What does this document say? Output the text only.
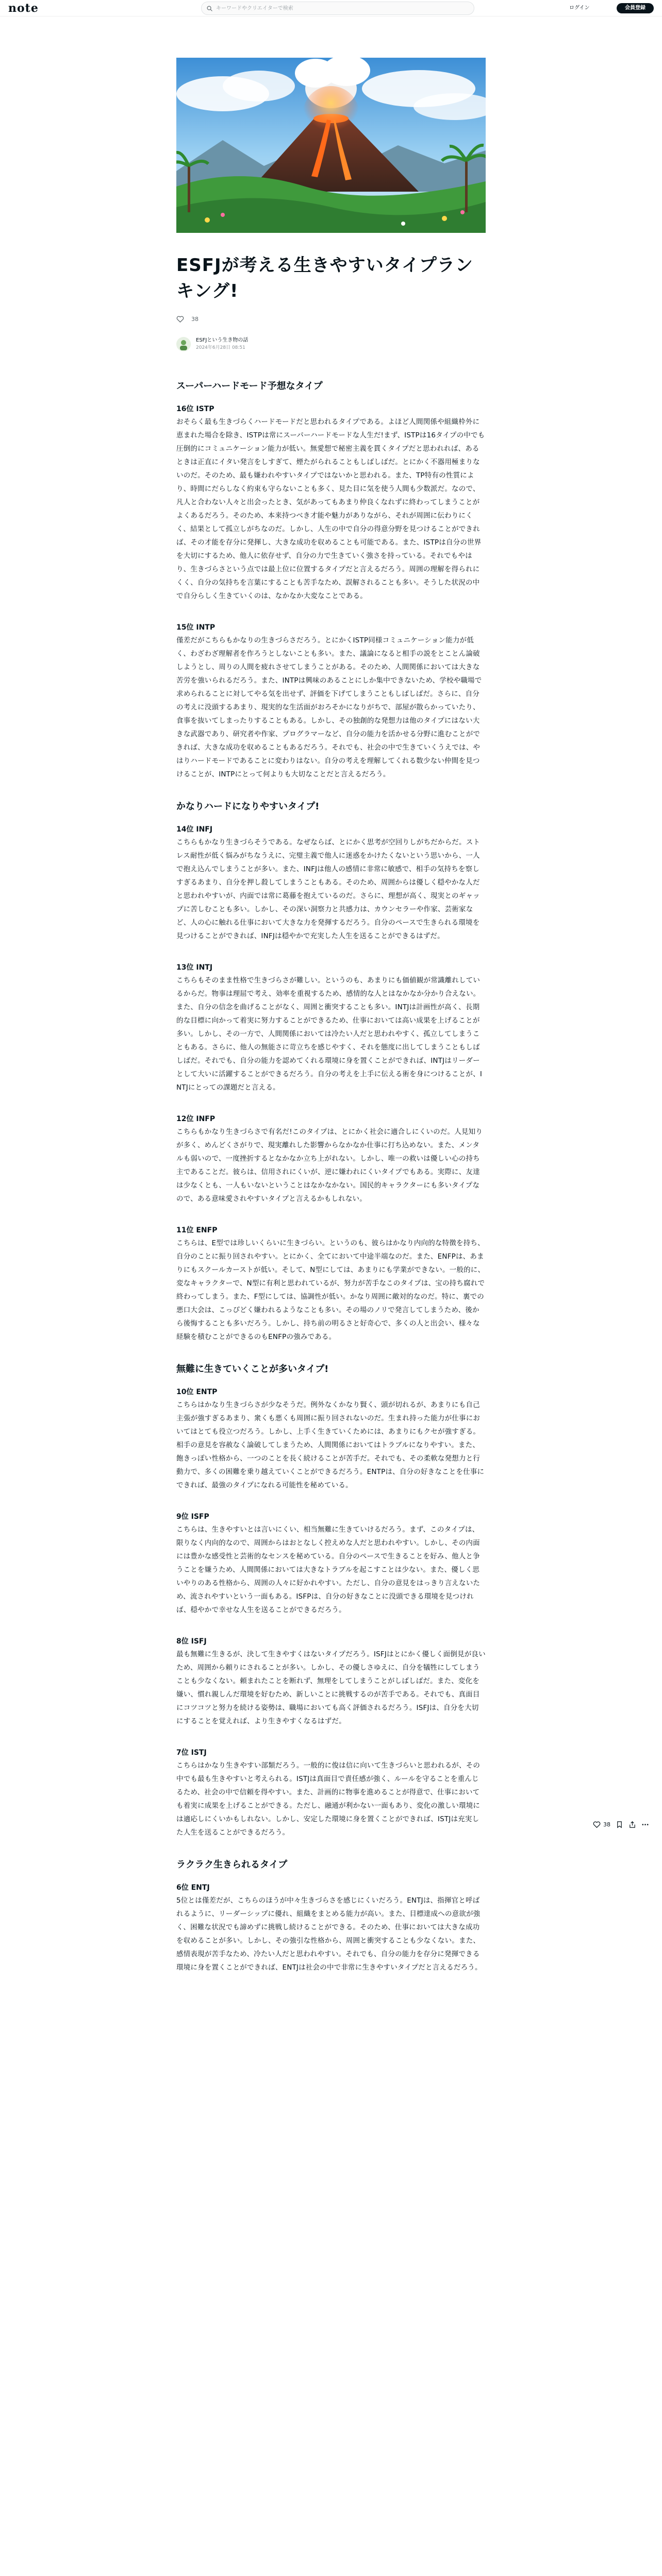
note
キーワードやクリエイターで検索	ログイン	会員登録
ESFJが考える生きやすいタイプランキング!
38
ESFJという生き物の話
2024年6月28日 08:51
スーパーハードモード予想なタイプ
16位 ISTP

おそらく最も生きづらくハードモードだと思われるタイプである。よほど人間関係や組織枠外に恵まれた場合を除き、ISTPは常にスーパーハードモードな人生だ!まず、ISTPは16タイプの中でも圧倒的にコミュニケーション能力が低い。無愛想で秘密主義を貫くタイプだと思われれば、あるときは正直にイタい発言をしすぎて、煙たがられることもしばしばだ。とにかく不器用極まりないのだ。そのため、最も嫌われやすいタイプではないかと思われる。また、TP特有の性質により、時間にだらしなく約束も守らないことも多く、見た目に気を使う人間も少数派だ。なので、凡人と合わない人々と出会ったとき、気があってもあまり仲良くなれずに終わってしまうことがよくあるだろう。そのため、本来持つべき才能や魅力がありながら、それが周囲に伝わりにくく、結果として孤立しがちなのだ。しかし、人生の中で自分の得意分野を見つけることができれば、その才能を存分に発揮し、大きな成功を収めることも可能である。また、ISTPは自分の世界を大切にするため、他人に依存せず、自分の力で生きていく強さを持っている。それでもやはり、生きづらさという点では最上位に位置するタイプだと言えるだろう。周囲の理解を得られにくく、自分の気持ちを言葉にすることも苦手なため、誤解されることも多い。そうした状況の中で自分らしく生きていくのは、なかなか大変なことである。

15位 INTP

僅差だがこちらもかなりの生きづらさだろう。とにかくISTP同様コミュニケーション能力が低く、わざわざ理解者を作ろうとしないことも多い。また、議論になると相手の説をとことん論破しようとし、周りの人間を疲れさせてしまうことがある。そのため、人間関係においては大きな苦労を強いられるだろう。また、INTPは興味のあることにしか集中できないため、学校や職場で求められることに対してやる気を出せず、評価を下げてしまうこともしばしばだ。さらに、自分の考えに没頭するあまり、現実的な生活面がおろそかになりがちで、部屋が散らかっていたり、食事を抜いてしまったりすることもある。しかし、その独創的な発想力は他のタイプにはない大きな武器であり、研究者や作家、プログラマーなど、自分の能力を活かせる分野に進むことができれば、大きな成功を収めることもあるだろう。それでも、社会の中で生きていくうえでは、やはりハードモードであることに変わりはない。自分の考えを理解してくれる数少ない仲間を見つけることが、INTPにとって何よりも大切なことだと言えるだろう。

かなりハードになりやすいタイプ!
14位 INFJ

こちらもかなり生きづらそうである。なぜならば、とにかく思考が空回りしがちだからだ。ストレス耐性が低く悩みがちなうえに、完璧主義で他人に迷惑をかけたくないという思いから、一人で抱え込んでしまうことが多い。また、INFJは他人の感情に非常に敏感で、相手の気持ちを察しすぎるあまり、自分を押し殺してしまうこともある。そのため、周囲からは優しく穏やかな人だと思われやすいが、内面では常に葛藤を抱えているのだ。さらに、理想が高く、現実とのギャップに苦しむことも多い。しかし、その深い洞察力と共感力は、カウンセラーや作家、芸術家など、人の心に触れる仕事において大きな力を発揮するだろう。自分のペースで生きられる環境を見つけることができれば、INFJは穏やかで充実した人生を送ることができるはずだ。

13位 INTJ

こちらもそのまま性格で生きづらさが難しい。というのも、あまりにも価値観が常識離れしているからだ。物事は理屈で考え、効率を重視するため、感情的な人とはなかなか分かり合えない。また、自分の信念を曲げることがなく、周囲と衝突することも多い。INTJは計画性が高く、長期的な目標に向かって着実に努力することができるため、仕事においては高い成果を上げることが多い。しかし、その一方で、人間関係においては冷たい人だと思われやすく、孤立してしまうこともある。さらに、他人の無能さに苛立ちを感じやすく、それを態度に出してしまうこともしばしばだ。それでも、自分の能力を認めてくれる環境に身を置くことができれば、INTJはリーダーとして大いに活躍することができるだろう。自分の考えを上手に伝える術を身につけることが、INTJにとっての課題だと言える。

12位 INFP

こちらもかなり生きづらさで有名だ!このタイプは、とにかく社会に適合しにくいのだ。人見知りが多く、めんどくさがりで、現実離れした影響からなかなか仕事に打ち込めない。また、メンタルも弱いので、一度挫折するとなかなか立ち上がれない。しかし、唯一の救いは優しい心の持ち主であることだ。彼らは、信用されにくいが、逆に嫌われにくいタイプでもある。実際に、友達は少なくとも、一人もいないということはなかなかない。国民的キャラクターにも多いタイプなので、ある意味愛されやすいタイプと言えるかもしれない。

11位 ENFP

こちらは、E型では珍しいくらいに生きづらい。というのも、彼らはかなり内向的な特徴を持ち、自分のことに振り回されやすい。とにかく、全てにおいて中途半端なのだ。また、ENFPは、あまりにもスクールカーストが低い。そして、N型にしては、あまりにも学業ができない。一般的に、変なキャラクターで、N型に有利と思われているが、努力が苦手なこのタイプは、宝の持ち腐れで終わってしまう。また、F型にしては、協調性が低い。かなり周囲に敵対的なのだ。特に、裏での悪口大会は、こっぴどく嫌われるようなことも多い。その場のノリで発言してしまうため、後から後悔することも多いだろう。しかし、持ち前の明るさと好奇心で、多くの人と出会い、様々な経験を積むことができるのもENFPの強みである。

無難に生きていくことが多いタイプ!
10位 ENTP

こちらはかなり生きづらさが少なそうだ。例外なくかなり賢く、頭が切れるが、あまりにも自己主張が強すぎるあまり、衆くも悪くも周囲に振り回されないのだ。生まれ持った能力が仕事においてはとても役立つだろう。しかし、上手く生きていくためには、あまりにもクセが強すぎる。相手の意見を容赦なく論破してしまうため、人間関係においてはトラブルになりやすい。また、飽きっぽい性格から、一つのことを長く続けることが苦手だ。それでも、その柔軟な発想力と行動力で、多くの困難を乗り越えていくことができるだろう。ENTPは、自分の好きなことを仕事にできれば、最強のタイプになれる可能性を秘めている。

9位 ISFP

こちらは、生きやすいとは言いにくい、相当無難に生きていけるだろう。まず、このタイプは、限りなく内向的なので、周囲からはおとなしく控えめな人だと思われやすい。しかし、その内面には豊かな感受性と芸術的なセンスを秘めている。自分のペースで生きることを好み、他人と争うことを嫌うため、人間関係においては大きなトラブルを起こすことは少ない。また、優しく思いやりのある性格から、周囲の人々に好かれやすい。ただし、自分の意見をはっきり言えないため、流されやすいという一面もある。ISFPは、自分の好きなことに没頭できる環境を見つければ、穏やかで幸せな人生を送ることができるだろう。

8位 ISFJ

最も無難に生きるが、決して生きやすくはないタイプだろう。ISFJはとにかく優しく面倒見が良いため、周囲から頼りにされることが多い。しかし、その優しさゆえに、自分を犠牲にしてしまうことも少なくない。頼まれたことを断れず、無理をしてしまうことがしばしばだ。また、変化を嫌い、慣れ親しんだ環境を好むため、新しいことに挑戦するのが苦手である。それでも、真面目にコツコツと努力を続ける姿勢は、職場においても高く評価されるだろう。ISFJは、自分を大切にすることを覚えれば、より生きやすくなるはずだ。

7位 ISTJ

こちらはかなり生きやすい部類だろう。一般的に俊は信に向いて生きづらいと思われるが、その中でも最も生きやすいと考えられる。ISTJは真面目で責任感が強く、ルールを守ることを重んじるため、社会の中で信頼を得やすい。また、計画的に物事を進めることが得意で、仕事においても着実に成果を上げることができる。ただし、融通が利かない一面もあり、変化の激しい環境には適応しにくいかもしれない。しかし、安定した環境に身を置くことができれば、ISTJは充実した人生を送ることができるだろう。

ラクラク生きられるタイプ
6位 ENTJ

5位とは僅差だが、こちらのほうが中々生きづらさを感じにくいだろう。ENTJは、指揮官と呼ばれるように、リーダーシップに優れ、組織をまとめる能力が高い。また、目標達成への意欲が強く、困難な状況でも諦めずに挑戦し続けることができる。そのため、仕事においては大きな成功を収めることが多い。しかし、その強引な性格から、周囲と衝突することも少なくない。また、感情表現が苦手なため、冷たい人だと思われやすい。それでも、自分の能力を存分に発揮できる環境に身を置くことができれば、ENTJは社会の中で非常に生きやすいタイプだと言えるだろう。

38
